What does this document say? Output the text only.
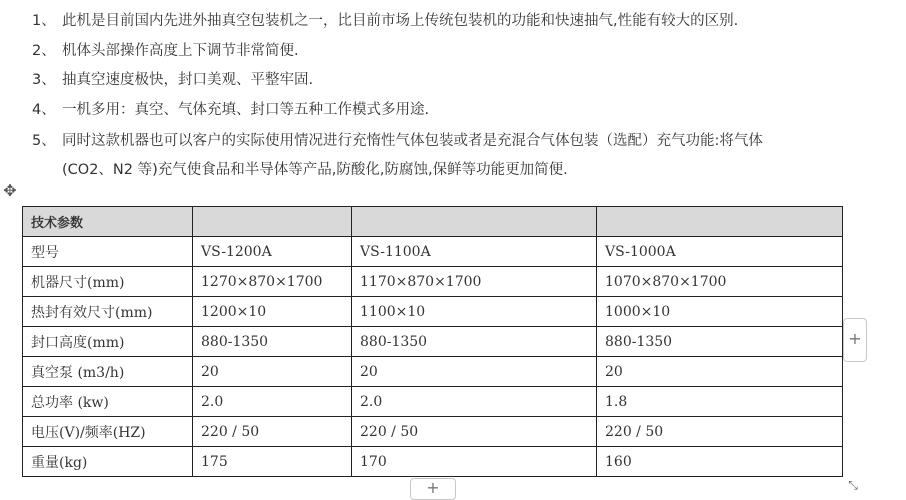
1、 此机是目前国内先进外抽真空包装机之一，比目前市场上传统包装机的功能和快速抽气,性能有较大的区别.
2、 机体头部操作高度上下调节非常简便.
3、 抽真空速度极快，封口美观、平整牢固.
4、 一机多用：真空、气体充填、封口等五种工作模式多用途.
5、 同时这款机器也可以客户的实际使用情况进行充惰性气体包装或者是充混合气体包装（选配）充气功能:将气体
(CO2、N2 等)充气使食品和半导体等产品,防酸化,防腐蚀,保鲜等功能更加简便.
✥
技术参数			
型号	VS-1200A	VS-1100A	VS-1000A
机器尺寸(mm)	1270×870×1700	1170×870×1700	1070×870×1700
热封有效尺寸(mm)	1200×10	1100×10	1000×10
封口高度(mm)	880-1350	880-1350	880-1350
真空泵 (m3/h)	20	20	20
总功率 (kw)	2.0	2.0	1.8
电压(V)/频率(HZ)	220 / 50	220 / 50	220 / 50
重量(kg)	175	170	160
+
+	⤡
